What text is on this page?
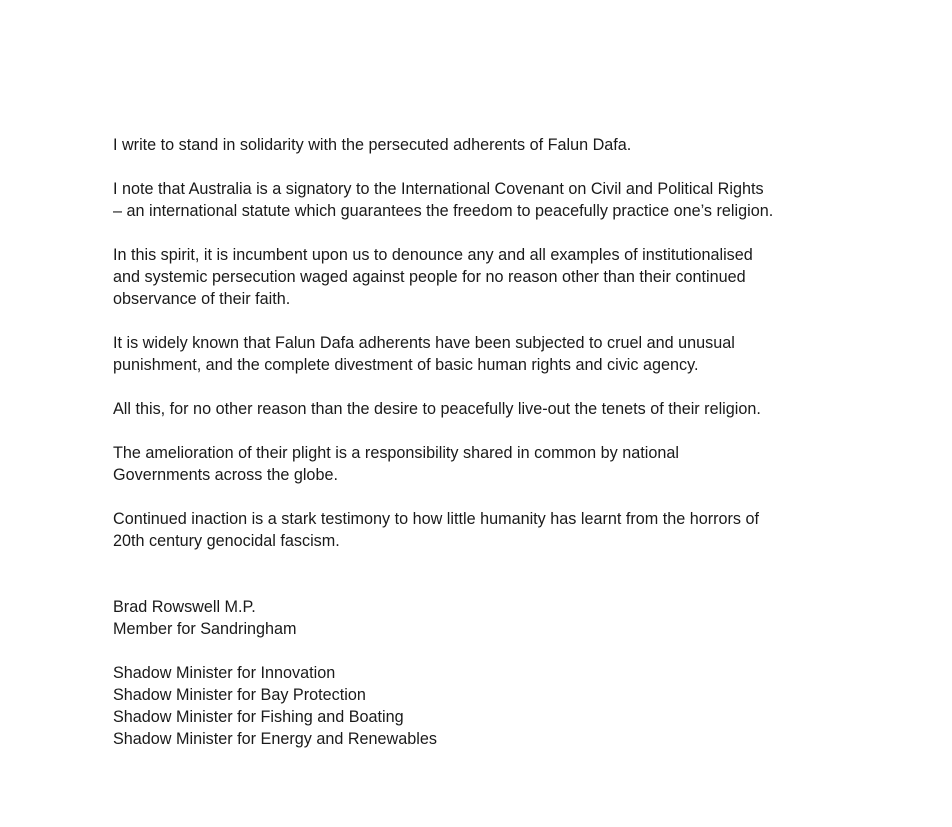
I write to stand in solidarity with the persecuted adherents of Falun Dafa.

I note that Australia is a signatory to the International Covenant on Civil and Political Rights
– an international statute which guarantees the freedom to peacefully practice one’s religion.

In this spirit, it is incumbent upon us to denounce any and all examples of institutionalised
and systemic persecution waged against people for no reason other than their continued
observance of their faith.

It is widely known that Falun Dafa adherents have been subjected to cruel and unusual
punishment, and the complete divestment of basic human rights and civic agency.

All this, for no other reason than the desire to peacefully live-out the tenets of their religion.

The amelioration of their plight is a responsibility shared in common by national
Governments across the globe.

Continued inaction is a stark testimony to how little humanity has learnt from the horrors of
20th century genocidal fascism.

Brad Rowswell M.P.
Member for Sandringham
Shadow Minister for Innovation
Shadow Minister for Bay Protection
Shadow Minister for Fishing and Boating
Shadow Minister for Energy and Renewables
